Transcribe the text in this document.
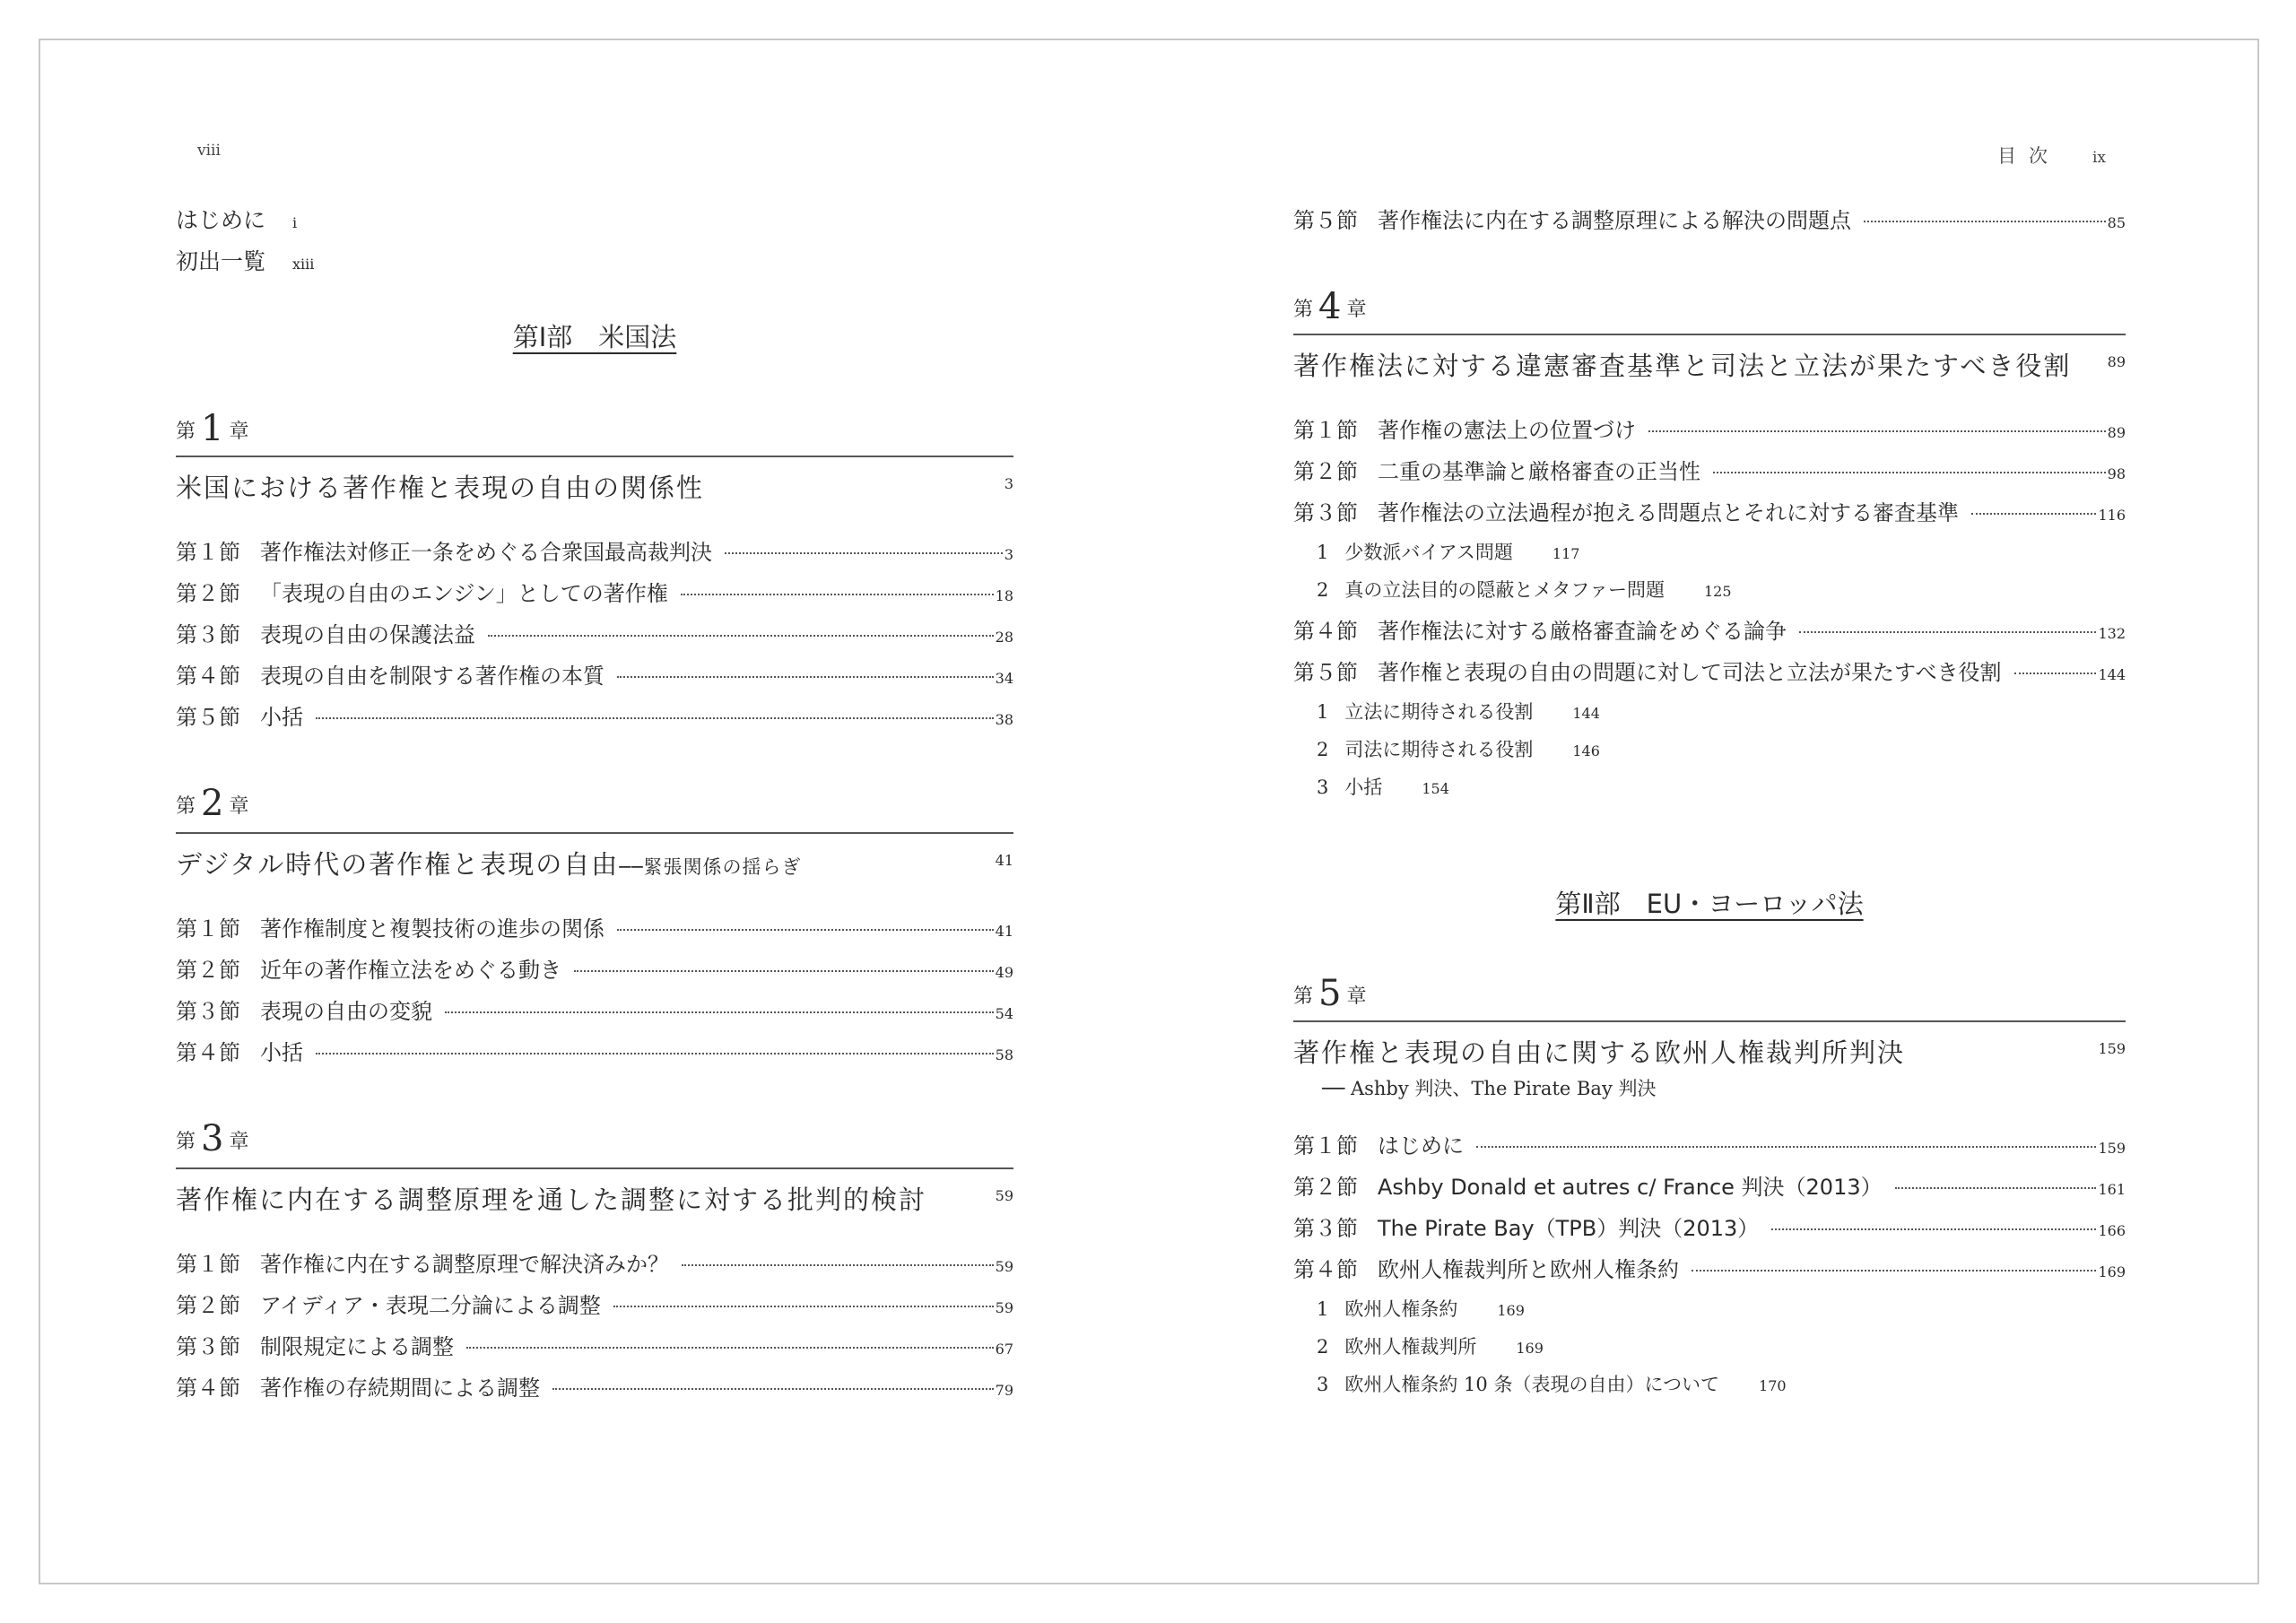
viii
はじめに i
初出一覧 xiii
第Ⅰ部　米国法
第 1 章
米国における著作権と表現の自由の関係性	3
第１節 著作権法対修正一条をめぐる合衆国最高裁判決	3
第２節 「表現の自由のエンジン」としての著作権	18
第３節 表現の自由の保護法益	28
第４節 表現の自由を制限する著作権の本質	34
第５節 小括	38
第 2 章
デジタル時代の著作権と表現の自由──緊張関係の揺らぎ	41
第１節 著作権制度と複製技術の進歩の関係	41
第２節 近年の著作権立法をめぐる動き	49
第３節 表現の自由の変貌	54
第４節 小括	58
第 3 章
著作権に内在する調整原理を通した調整に対する批判的検討	59
第１節 著作権に内在する調整原理で解決済みか？	59
第２節 アイディア・表現二分論による調整	59
第３節 制限規定による調整	67
第４節 著作権の存続期間による調整	79
目次 ix
第５節 著作権法に内在する調整原理による解決の問題点	85
第 4 章
著作権法に対する違憲審査基準と司法と立法が果たすべき役割	89
第１節 著作権の憲法上の位置づけ	89
第２節 二重の基準論と厳格審査の正当性	98
第３節 著作権法の立法過程が抱える問題点とそれに対する審査基準	116
1 少数派バイアス問題	117
2 真の立法目的の隠蔽とメタファー問題	125
第４節 著作権法に対する厳格審査論をめぐる論争	132
第５節 著作権と表現の自由の問題に対して司法と立法が果たすべき役割	144
1 立法に期待される役割	144
2 司法に期待される役割	146
3 小括	154
第Ⅱ部　EU・ヨーロッパ法
第 5 章
著作権と表現の自由に関する欧州人権裁判所判決	159
── Ashby 判決、The Pirate Bay 判決
第１節 はじめに	159
第２節 Ashby Donald et autres c/ France 判決（2013）	161
第３節 The Pirate Bay（TPB）判決（2013）	166
第４節 欧州人権裁判所と欧州人権条約	169
1 欧州人権条約	169
2 欧州人権裁判所	169
3 欧州人権条約 10 条（表現の自由）について	170
